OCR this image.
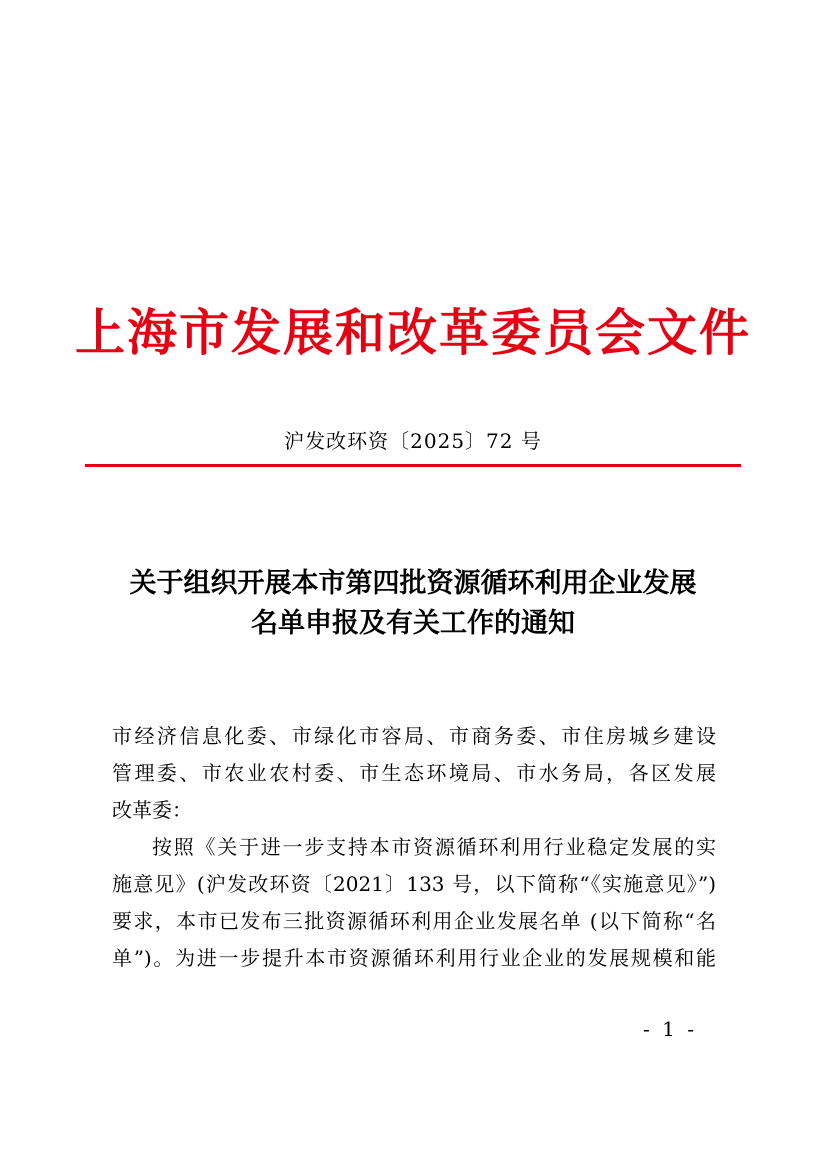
上海市发展和改革委员会文件
沪发改环资〔2025〕72 号
关于组织开展本市第四批资源循环利用企业发展
名单申报及有关工作的通知
市经济信息化委、市绿化市容局、市商务委、市住房城乡建设
管理委、市农业农村委、市生态环境局、市水务局，各区发展
改革委：
按照《关于进一步支持本市资源循环利用行业稳定发展的实
施意见》(沪发改环资〔2021〕133 号，以下简称“《实施意见》”)
要求，本市已发布三批资源循环利用企业发展名单 (以下简称“名
单”)。为进一步提升本市资源循环利用行业企业的发展规模和能
- 1 -
